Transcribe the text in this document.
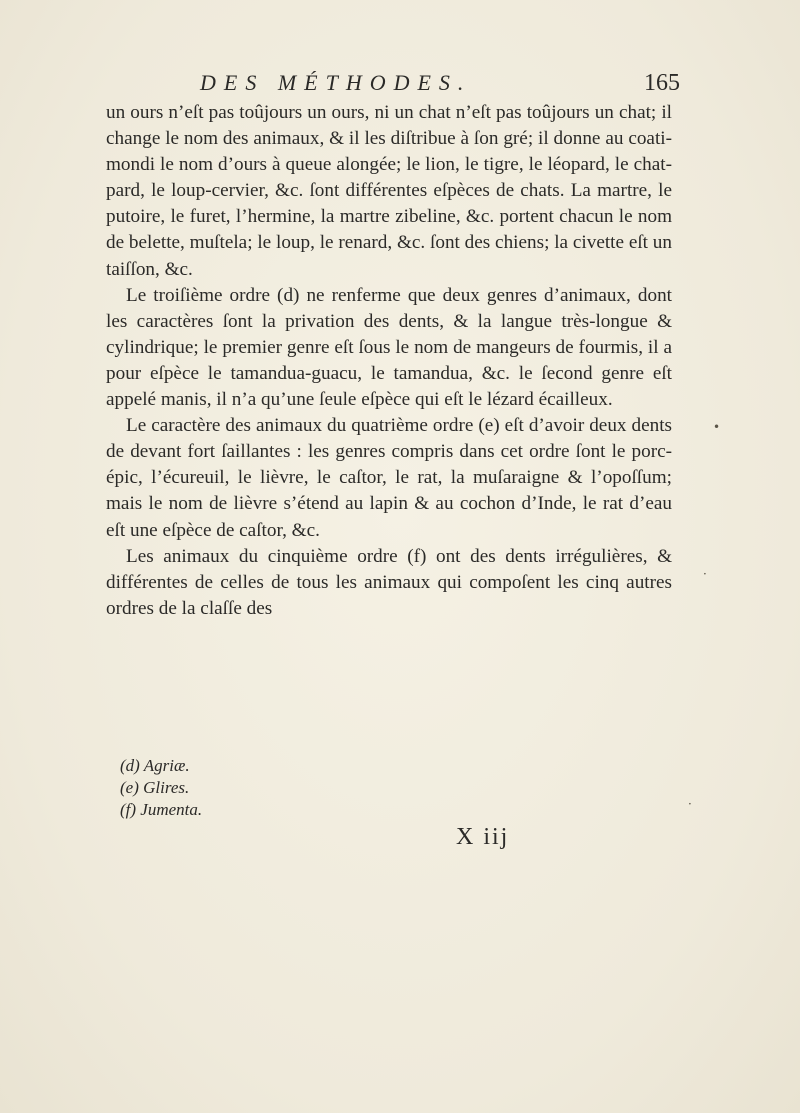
DES MÉTHODES.	165

un ours n’eſt pas toûjours un ours, ni un chat n’eſt pas toûjours un chat; il change le nom des animaux, & il les diſtribue à ſon gré; il donne au coati-mondi le nom d’ours à queue alongée; le lion, le tigre, le léopard, le chat-pard, le loup-cervier, &c. ſont différentes eſpèces de chats. La martre, le putoire, le furet, l’hermine, la martre zibeline, &c. portent chacun le nom de belette, muſtela; le loup, le renard, &c. ſont des chiens; la civette eſt un taiſſon, &c.

Le troiſième ordre (d) ne renferme que deux genres d’animaux, dont les caractères ſont la privation des dents, & la langue très-longue & cylindrique; le premier genre eſt ſous le nom de mangeurs de fourmis, il a pour eſpèce le tamandua-guacu, le tamandua, &c. le ſecond genre eſt appelé manis, il n’a qu’une ſeule eſpèce qui eſt le lézard écailleux.

Le caractère des animaux du quatrième ordre (e) eſt d’avoir deux dents de devant fort ſaillantes : les genres compris dans cet ordre ſont le porc-épic, l’écureuil, le lièvre, le caſtor, le rat, la muſaraigne & l’opoſſum; mais le nom de lièvre s’étend au lapin & au cochon d’Inde, le rat d’eau eſt une eſpèce de caſtor, &c.

Les animaux du cinquième ordre (f) ont des dents irrégulières, & différentes de celles de tous les animaux qui compoſent les cinq autres ordres de la claſſe des

(d) Agriæ.
(e) Glires.
(f) Jumenta.
X iij
•
·
·
